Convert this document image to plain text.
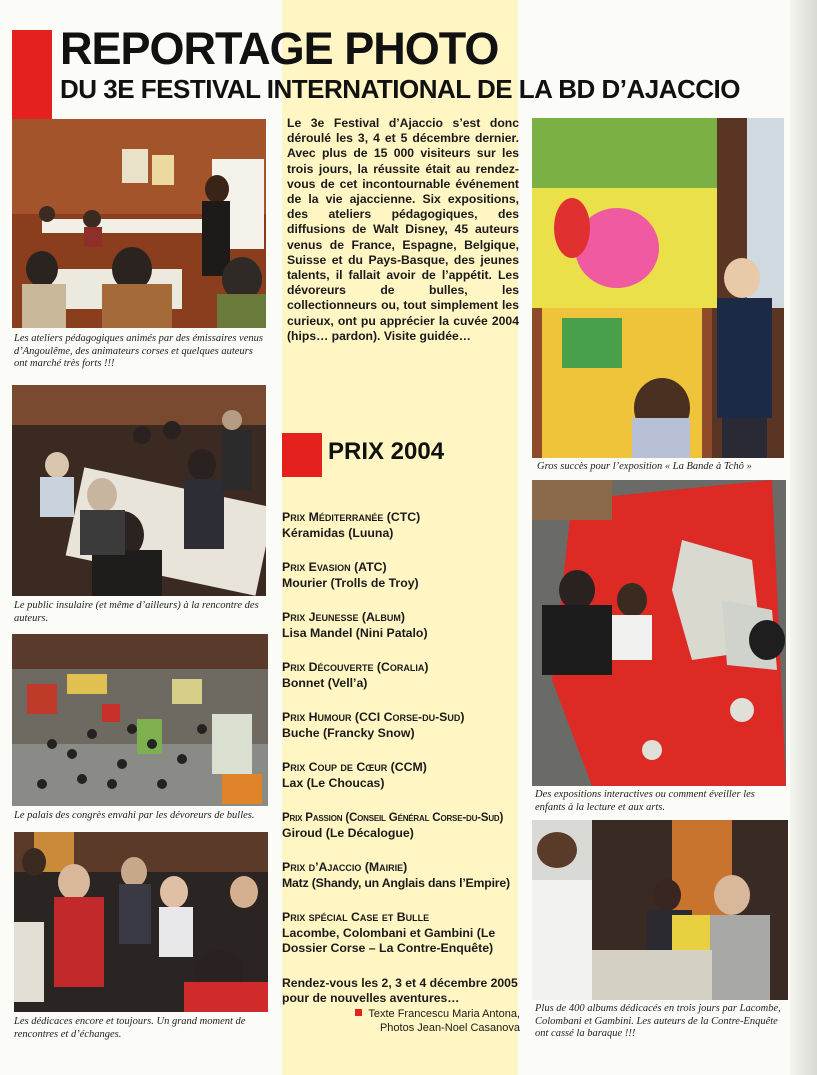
REPORTAGE PHOTO
DU 3E FESTIVAL INTERNATIONAL DE LA BD D’AJACCIO
Les ateliers pédagogiques animés par des émissaires venus d’Angoulême, des animateurs corses et quelques auteurs ont marché très forts !!!
Le public insulaire (et même d’ailleurs) à la rencontre des auteurs.
Le palais des congrès envahi par les dévoreurs de bulles.
Les dédicaces encore et toujours. Un grand moment de rencontres et d’échanges.
Le 3e Festival d’Ajaccio s’est donc déroulé les 3, 4 et 5 décembre dernier. Avec plus de 15 000 visiteurs sur les trois jours, la réussite était au rendez-vous de cet incontournable événement de la vie ajaccienne. Six expositions, des ateliers pédagogiques, des diffusions de Walt Disney, 45 auteurs venus de France, Espagne, Belgique, Suisse et du Pays-Basque, des jeunes talents, il fallait avoir de l’appétit. Les dévoreurs de bulles, les collectionneurs ou, tout simplement les curieux, ont pu apprécier la cuvée 2004 (hips… pardon). Visite guidée…
PRIX 2004
Prix Méditerranée (CTC)
Kéramidas (Luuna)
Prix Evasion (ATC)
Mourier (Trolls de Troy)
Prix Jeunesse (Album)
Lisa Mandel (Nini Patalo)
Prix Découverte (Coralia)
Bonnet (Vell’a)
Prix Humour (CCI Corse-du-Sud)
Buche (Francky Snow)
Prix Coup de Cœur (CCM)
Lax (Le Choucas)
Prix Passion (Conseil Général Corse-du-Sud)
Giroud (Le Décalogue)
Prix d’Ajaccio (Mairie)
Matz (Shandy, un Anglais dans l’Empire)
Prix spécial Case et Bulle
Lacombe, Colombani et Gambini (Le Dossier Corse – La Contre-Enquête)
Rendez-vous les 2, 3 et 4 décembre 2005 pour de nouvelles aventures…
Texte Francescu Maria Antona,
Photos Jean-Noel Casanova
Gros succès pour l’exposition « La Bande à Tchô »
Des expositions interactives ou comment éveiller les enfants à la lecture et aux arts.
Plus de 400 albums dédicacés en trois jours par Lacombe, Colombani et Gambini. Les auteurs de la Contre-Enquête ont cassé la baraque !!!
